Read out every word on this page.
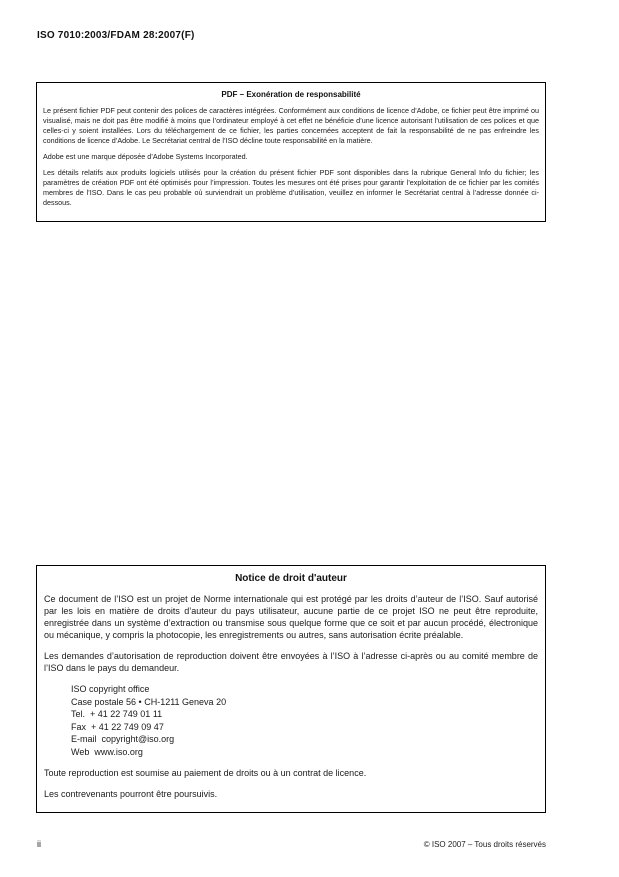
ISO 7010:2003/FDAM 28:2007(F)
PDF – Exonération de responsabilité

Le présent fichier PDF peut contenir des polices de caractères intégrées. Conformément aux conditions de licence d’Adobe, ce fichier peut être imprimé ou visualisé, mais ne doit pas être modifié à moins que l’ordinateur employé à cet effet ne bénéficie d’une licence autorisant l’utilisation de ces polices et que celles-ci y soient installées. Lors du téléchargement de ce fichier, les parties concernées acceptent de fait la responsabilité de ne pas enfreindre les conditions de licence d’Adobe. Le Secrétariat central de l’ISO décline toute responsabilité en la matière.

Adobe est une marque déposée d’Adobe Systems Incorporated.

Les détails relatifs aux produits logiciels utilisés pour la création du présent fichier PDF sont disponibles dans la rubrique General Info du fichier; les paramètres de création PDF ont été optimisés pour l’impression. Toutes les mesures ont été prises pour garantir l’exploitation de ce fichier par les comités membres de l’ISO. Dans le cas peu probable où surviendrait un problème d’utilisation, veuillez en informer le Secrétariat central à l’adresse donnée ci-dessous.

Notice de droit d'auteur

Ce document de l’ISO est un projet de Norme internationale qui est protégé par les droits d’auteur de l’ISO. Sauf autorisé par les lois en matière de droits d’auteur du pays utilisateur, aucune partie de ce projet ISO ne peut être reproduite, enregistrée dans un système d’extraction ou transmise sous quelque forme que ce soit et par aucun procédé, électronique ou mécanique, y compris la photocopie, les enregistrements ou autres, sans autorisation écrite préalable.

Les demandes d’autorisation de reproduction doivent être envoyées à l’ISO à l’adresse ci-après ou au comité membre de l’ISO dans le pays du demandeur.

ISO copyright office
Case postale 56 • CH-1211 Geneva 20
Tel.  + 41 22 749 01 11
Fax  + 41 22 749 09 47
E-mail  copyright@iso.org
Web  www.iso.org

Toute reproduction est soumise au paiement de droits ou à un contrat de licence.

Les contrevenants pourront être poursuivis.

ii	© ISO 2007 – Tous droits réservés
